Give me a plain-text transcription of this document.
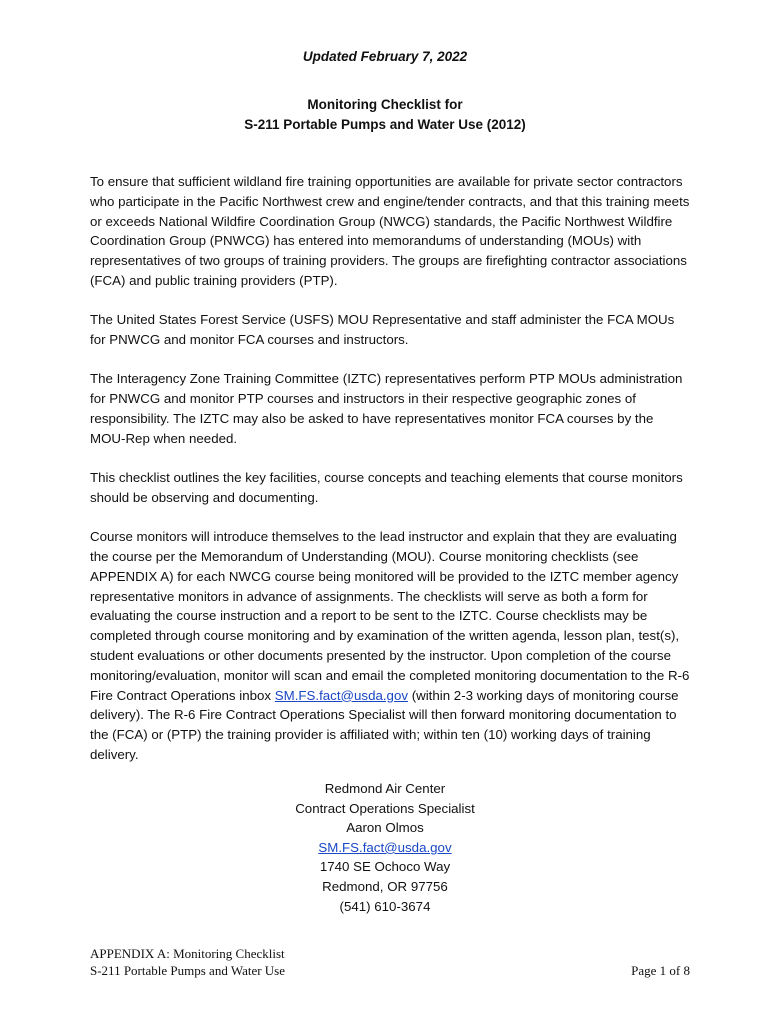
Updated February 7, 2022
Monitoring Checklist for
S-211 Portable Pumps and Water Use (2012)

To ensure that sufficient wildland fire training opportunities are available for private sector contractors who participate in the Pacific Northwest crew and engine/tender contracts, and that this training meets or exceeds National Wildfire Coordination Group (NWCG) standards, the Pacific Northwest Wildfire Coordination Group (PNWCG) has entered into memorandums of understanding (MOUs) with representatives of two groups of training providers. The groups are firefighting contractor associations (FCA) and public training providers (PTP).

The United States Forest Service (USFS) MOU Representative and staff administer the FCA MOUs for PNWCG and monitor FCA courses and instructors.

The Interagency Zone Training Committee (IZTC) representatives perform PTP MOUs administration for PNWCG and monitor PTP courses and instructors in their respective geographic zones of responsibility. The IZTC may also be asked to have representatives monitor FCA courses by the MOU-Rep when needed.

This checklist outlines the key facilities, course concepts and teaching elements that course monitors should be observing and documenting.

Course monitors will introduce themselves to the lead instructor and explain that they are evaluating the course per the Memorandum of Understanding (MOU). Course monitoring checklists (see APPENDIX A) for each NWCG course being monitored will be provided to the IZTC member agency representative monitors in advance of assignments. The checklists will serve as both a form for evaluating the course instruction and a report to be sent to the IZTC. Course checklists may be completed through course monitoring and by examination of the written agenda, lesson plan, test(s), student evaluations or other documents presented by the instructor. Upon completion of the course monitoring/evaluation, monitor will scan and email the completed monitoring documentation to the R-6 Fire Contract Operations inbox SM.FS.fact@usda.gov (within 2-3 working days of monitoring course delivery). The R-6 Fire Contract Operations Specialist will then forward monitoring documentation to the (FCA) or (PTP) the training provider is affiliated with; within ten (10) working days of training delivery.

Redmond Air Center
Contract Operations Specialist
Aaron Olmos
SM.FS.fact@usda.gov
1740 SE Ochoco Way
Redmond, OR 97756
(541) 610-3674
APPENDIX A: Monitoring Checklist
S-211 Portable Pumps and Water Use	Page 1 of 8
